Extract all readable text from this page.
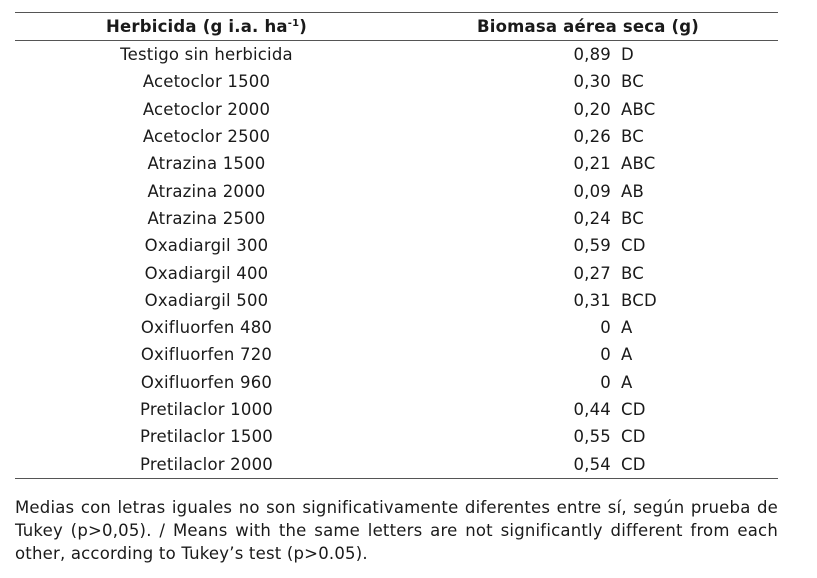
Herbicida (g i.a. $ha^{-1}$)	Biomasa aérea seca (g)
Testigo sin herbicida	0,89 D
Acetoclor 1500	0,30 BC
Acetoclor 2000	0,20 ABC
Acetoclor 2500	0,26 BC
Atrazina 1500	0,21 ABC
Atrazina 2000	0,09 AB
Atrazina 2500	0,24 BC
Oxadiargil 300	0,59 CD
Oxadiargil 400	0,27 BC
Oxadiargil 500	0,31 BCD
Oxifluorfen 480	0 A
Oxifluorfen 720	0 A
Oxifluorfen 960	0 A
Pretilaclor 1000	0,44 CD
Pretilaclor 1500	0,55 CD
Pretilaclor 2000	0,54 CD
Medias con letras iguales no son significativamente diferentes entre sí, según prueba de Tukey (p>0,05). / Means with the same letters are not significantly different from each other, according to Tukey’s test (p>0.05).
